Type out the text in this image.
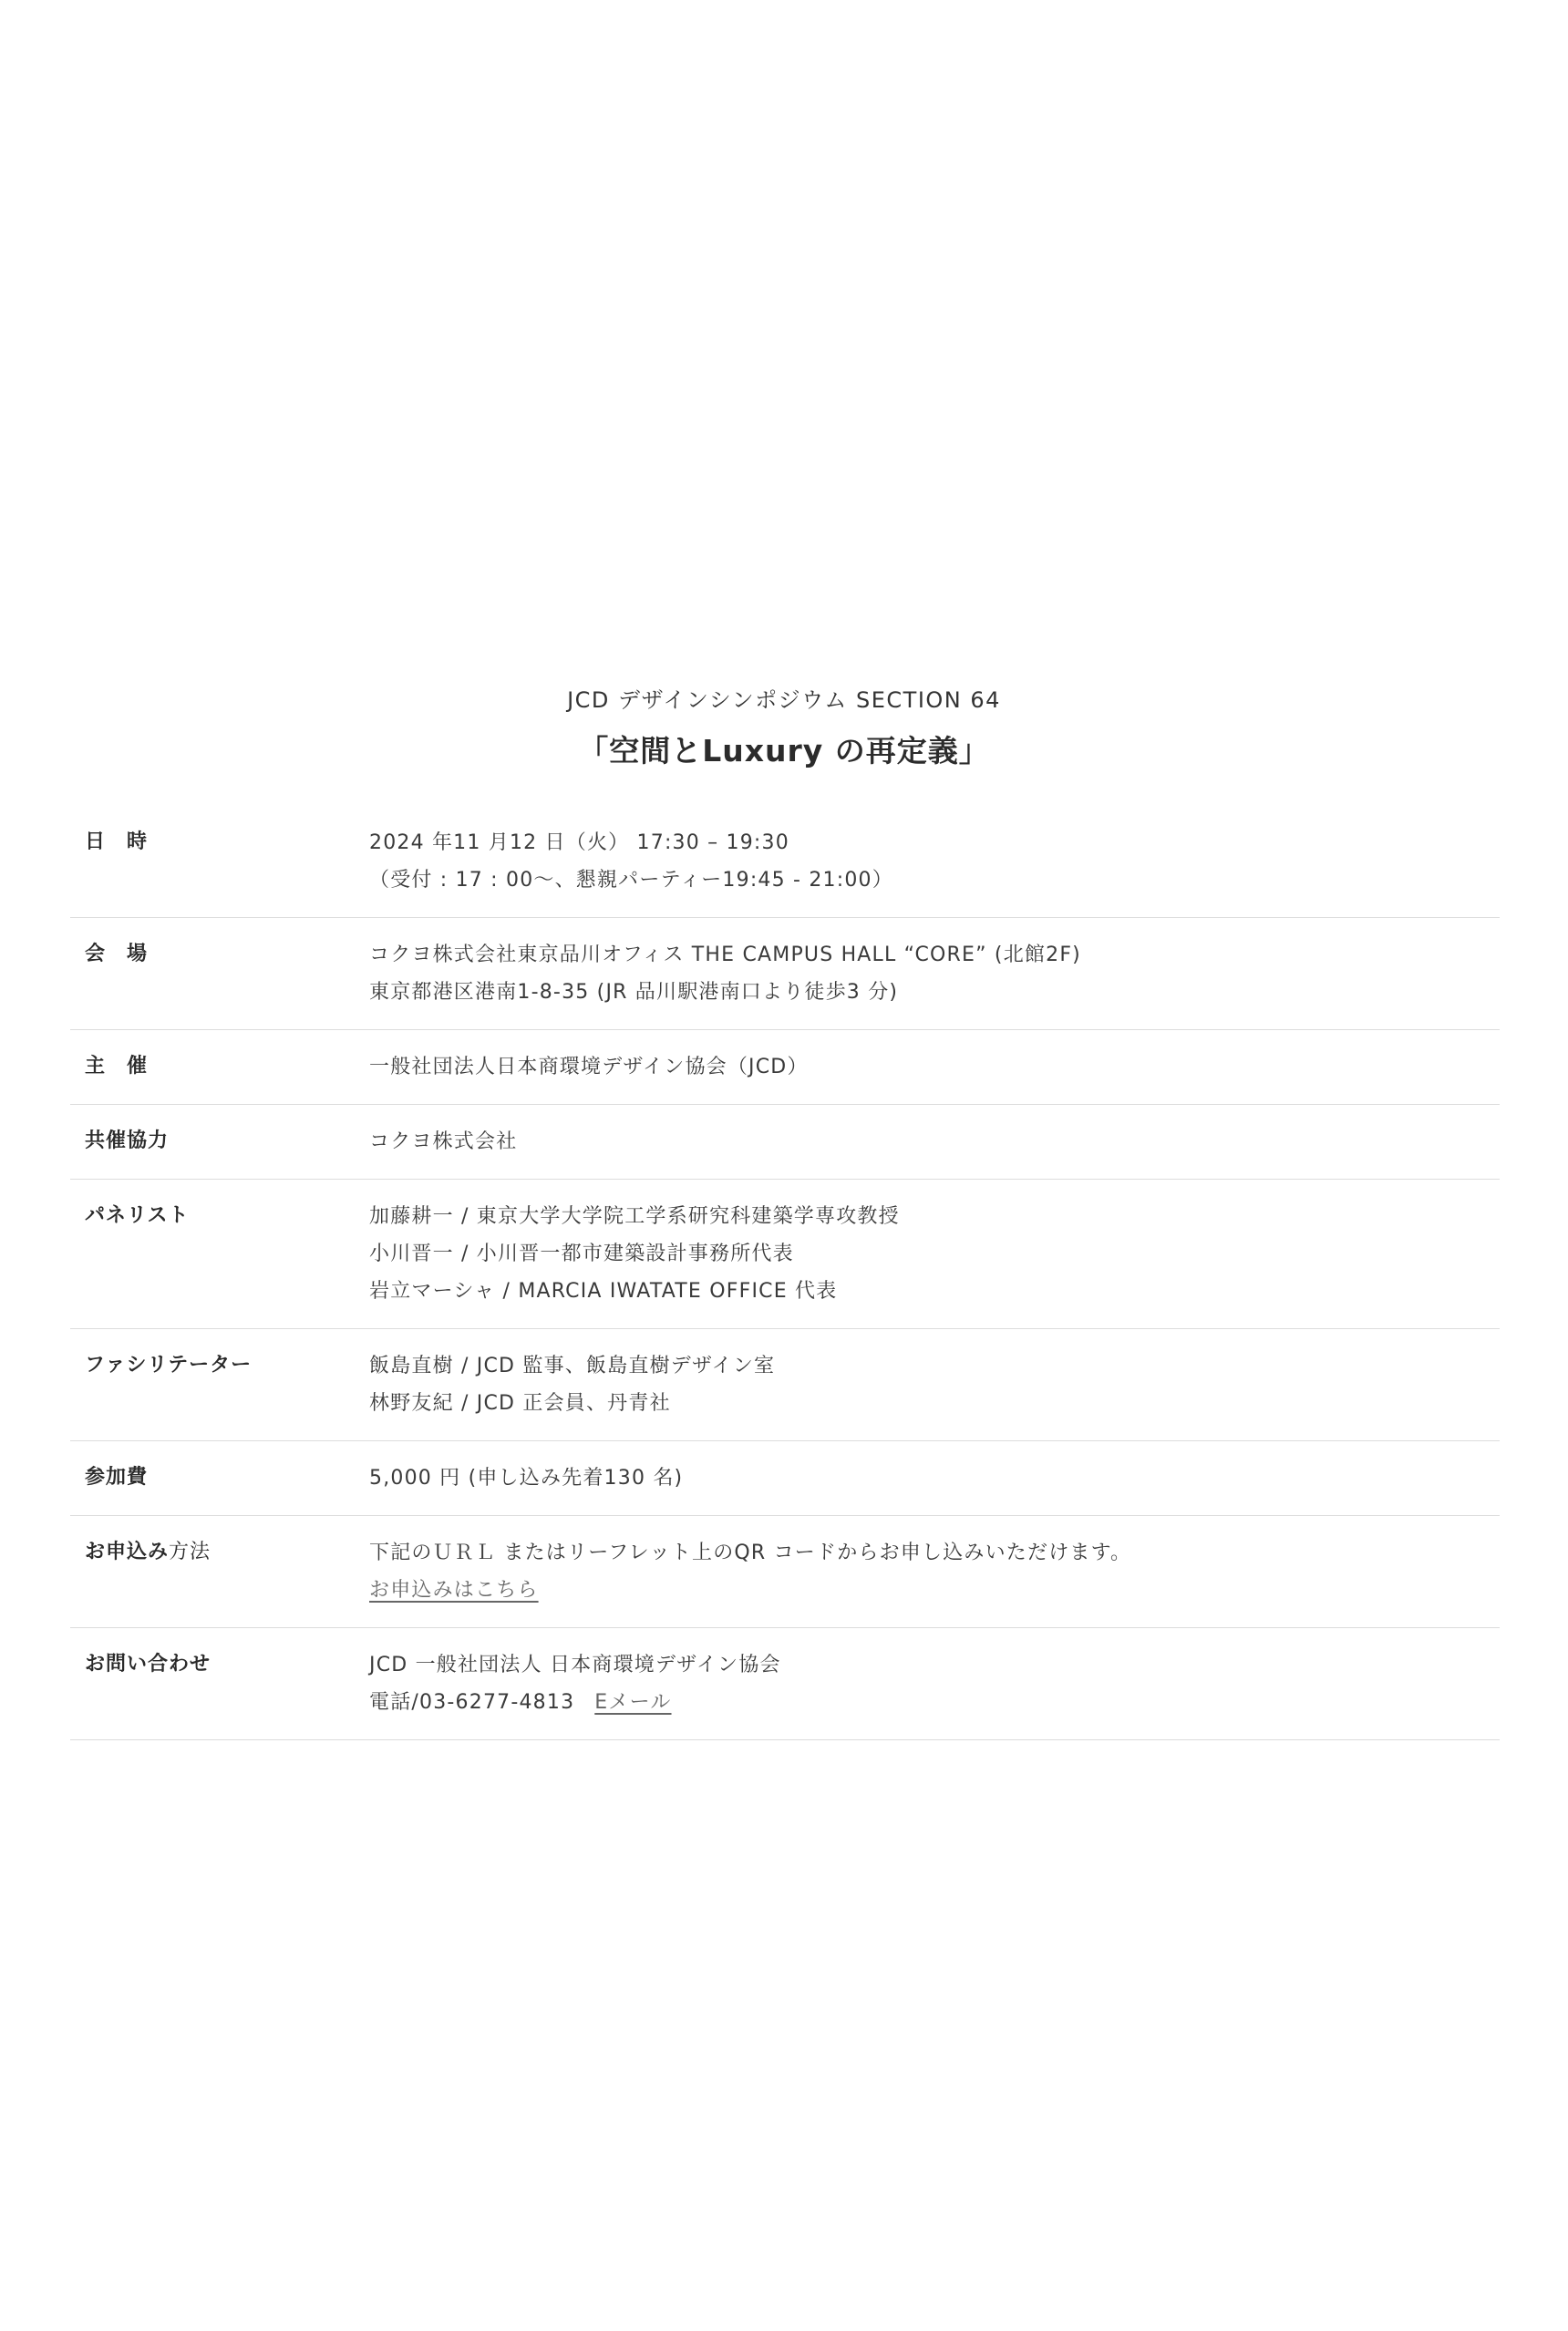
JCD デザインシンポジウム SECTION 64
「空間とLuxury の再定義」
日　時	2024 年11 月12 日（火） 17:30 – 19:30
（受付 : 17 : 00〜、懇親パーティー19:45 - 21:00）
会　場	コクヨ株式会社東京品川オフィス THE CAMPUS HALL “CORE” (北館2F)
東京都港区港南1-8-35 (JR 品川駅港南口より徒歩3 分)
主　催	一般社団法人日本商環境デザイン協会（JCD）
共催協力	コクヨ株式会社
パネリスト	加藤耕一 / 東京大学大学院工学系研究科建築学専攻教授
小川晋一 / 小川晋一都市建築設計事務所代表
岩立マーシャ / MARCIA IWATATE OFFICE 代表
ファシリテーター	飯島直樹 / JCD 監事、飯島直樹デザイン室
林野友紀 / JCD 正会員、丹青社
参加費	5,000 円 (申し込み先着130 名)
お申込み方法	下記のＵＲＬ またはリーフレット上のQR コードからお申し込みいただけます。
お申込みはこちら
お問い合わせ	JCD 一般社団法人 日本商環境デザイン協会
電話/03-6277-4813 Eメール
